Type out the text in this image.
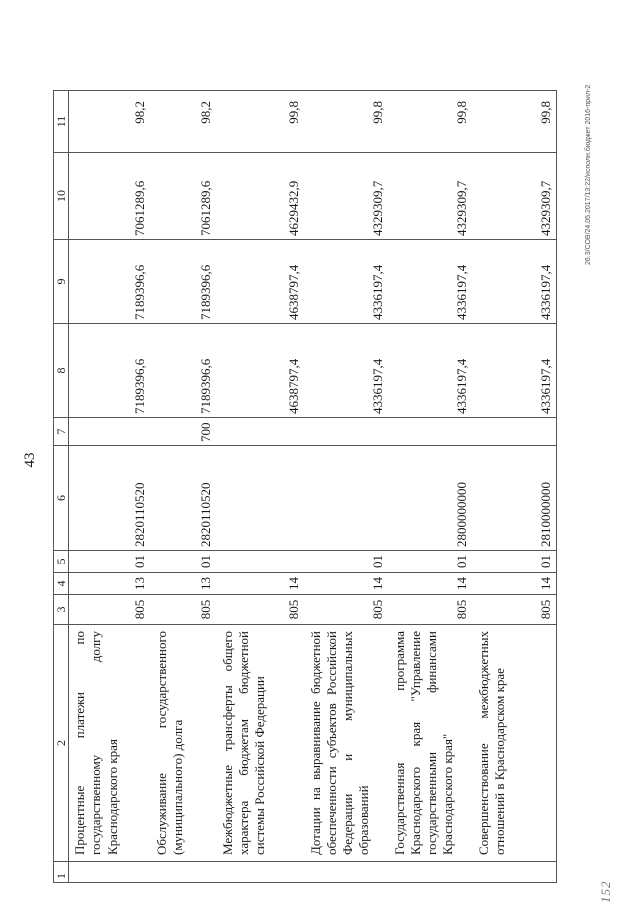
43
1	2	3	4	5	6	7	8	9	10	11
	Процентные платежи по государственному долгу Краснодарского края	805	13	01	2820110520		7189396,6	7189396,6	7061289,6	98,2
	Обслуживание государственного (муниципального) долга	805	13	01	2820110520	700	7189396,6	7189396,6	7061289,6	98,2
	Межбюджетные трансферты общего характера бюджетам бюджетной системы Российской Федерации	805	14				4638797,4	4638797,4	4629432,9	99,8
	Дотации на выравнивание бюджетной обеспеченности субъектов Российской Федерации и муниципальных образований	805	14	01			4336197,4	4336197,4	4329309,7	99,8
	Государственная программа Краснодарского края "Управление государственными финансами Краснодарского края"	805	14	01	2800000000		4336197,4	4336197,4	4329309,7	99,8
	Совершенствование межбюджетных отношений в Краснодарском крае	805	14	01	2810000000		4336197,4	4336197,4	4329309,7	99,8	26.3/СОВ/24.05.2017/13:22/исполн.бюджет 2016-прил-2
152
